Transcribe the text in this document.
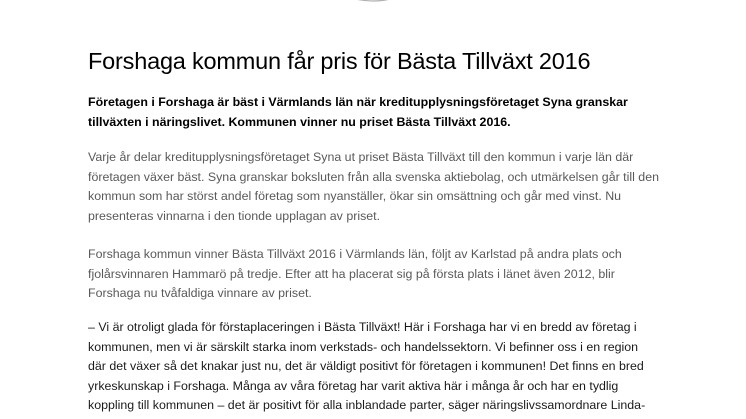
Forshaga kommun får pris för Bästa Tillväxt 2016

Företagen i Forshaga är bäst i Värmlands län när kreditupplysningsföretaget Syna granskar
tillväxten i näringslivet. Kommunen vinner nu priset Bästa Tillväxt 2016.

Varje år delar kreditupplysningsföretaget Syna ut priset Bästa Tillväxt till den kommun i varje län där
företagen växer bäst. Syna granskar boksluten från alla svenska aktiebolag, och utmärkelsen går till den
kommun som har störst andel företag som nyanställer, ökar sin omsättning och går med vinst. Nu
presenteras vinnarna i den tionde upplagan av priset.

Forshaga kommun vinner Bästa Tillväxt 2016 i Värmlands län, följt av Karlstad på andra plats och
fjolårsvinnaren Hammarö på tredje. Efter att ha placerat sig på första plats i länet även 2012, blir
Forshaga nu tvåfaldiga vinnare av priset.

– Vi är otroligt glada för förstaplaceringen i Bästa Tillväxt! Här i Forshaga har vi en bredd av företag i
kommunen, men vi är särskilt starka inom verkstads- och handelssektorn. Vi befinner oss i en region
där det växer så det knakar just nu, det är väldigt positivt för företagen i kommunen! Det finns en bred
yrkeskunskap i Forshaga. Många av våra företag har varit aktiva här i många år och har en tydlig
koppling till kommunen – det är positivt för alla inblandade parter, säger näringslivssamordnare Linda-
